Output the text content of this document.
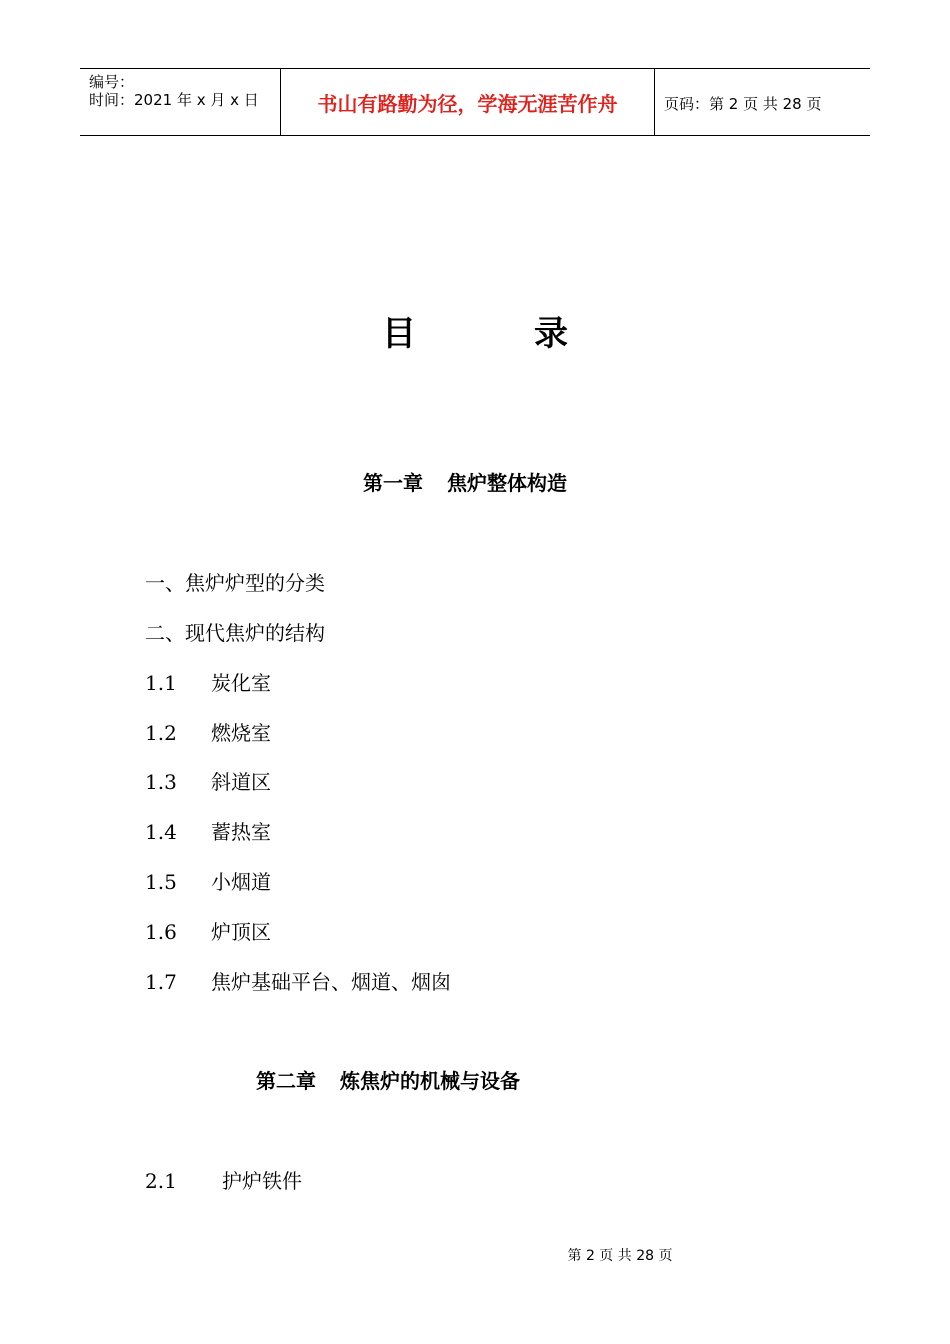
编号：
时间：2021 年 x 月 x 日	书山有路勤为径，学海无涯苦作舟	页码：第 2 页 共 28 页
目录
第一章 焦炉整体构造
一、焦炉炉型的分类
二、现代焦炉的结构
1.1 炭化室
1.2 燃烧室
1.3 斜道区
1.4 蓄热室
1.5 小烟道
1.6 炉顶区
1.7 焦炉基础平台、烟道、烟囱
第二章 炼焦炉的机械与设备
2.1 护炉铁件
第 2 页 共 28 页
